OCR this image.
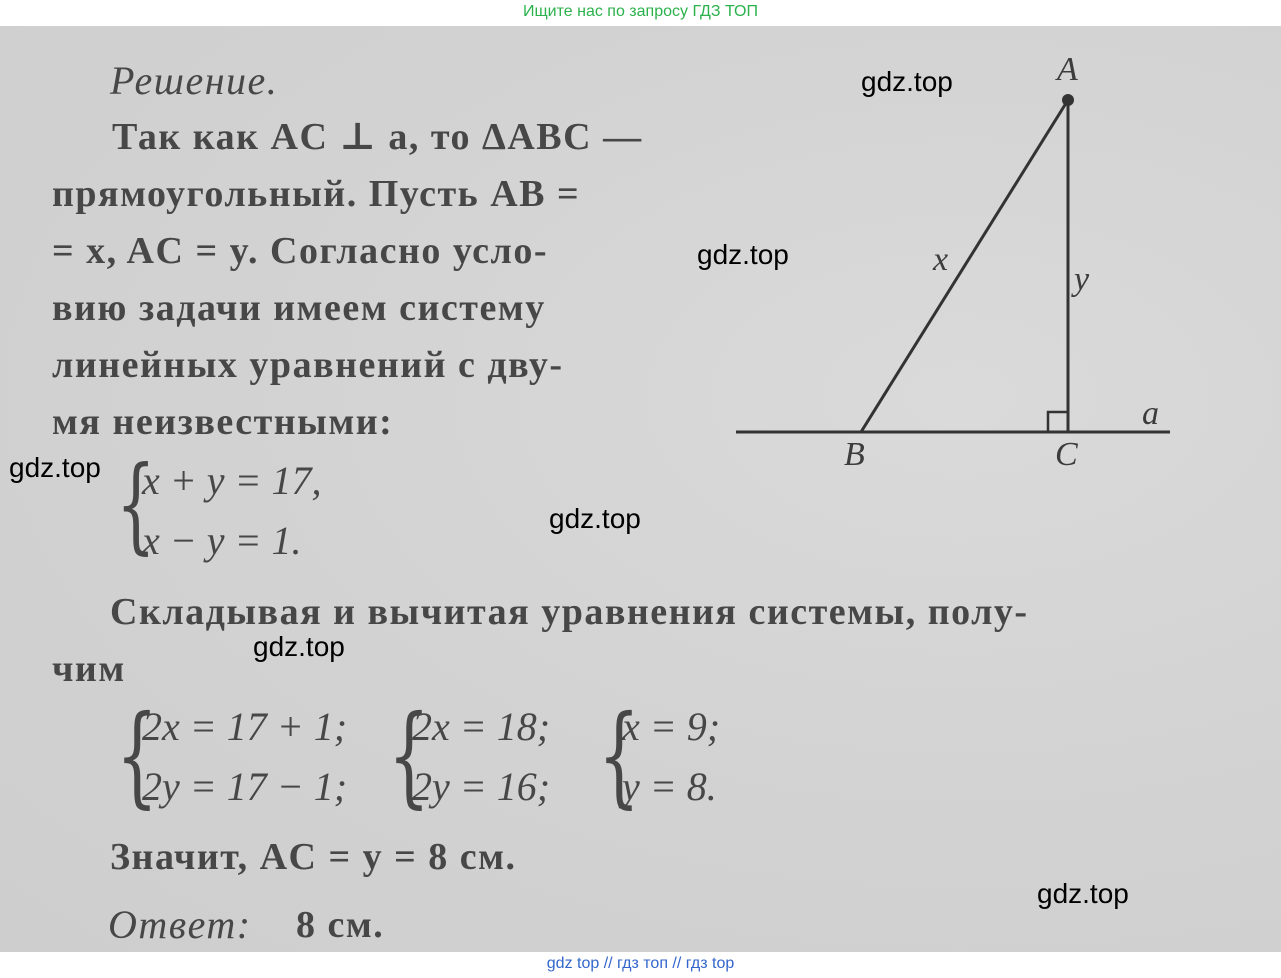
Ищите нас по запросу ГДЗ ТОП
Решение.
Так как AC ⊥ a, то ΔABC —
прямоугольный. Пусть AB =
= x, AC = y. Согласно усло-
вию задачи имеем систему
линейных уравнений с дву-
мя неизвестными:
{
x + y = 17,
x − y = 1.
Складывая и вычитая уравнения системы, полу-
чим
{
2x = 17 + 1;
2y = 17 − 1; {
2x = 18;
2y = 16; {
x = 9;
y = 8.
Значит, AC = y = 8 см.
Ответ: 8 см.
A
B	C
a
x
y
gdz.top
gdz.top
gdz.top
gdz.top
gdz.top
gdz.top
gdz top // гдз топ // гдз top
